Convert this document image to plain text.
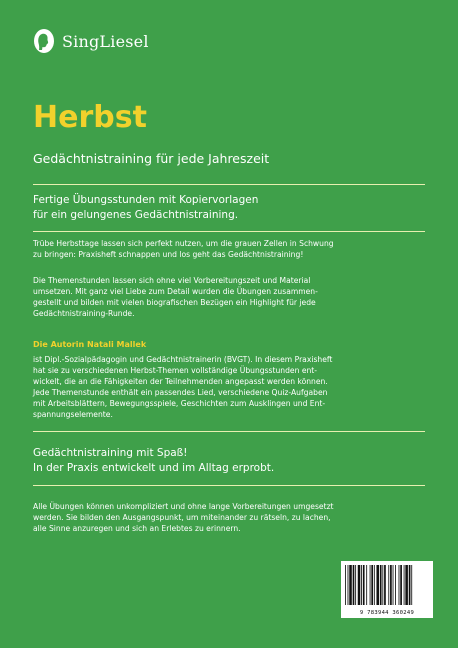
SingLiesel
Herbst
Gedächtnistraining für jede Jahreszeit
Fertige Übungsstunden mit Kopiervorlagen
für ein gelungenes Gedächtnistraining.
Trübe Herbsttage lassen sich perfekt nutzen, um die grauen Zellen in Schwung
zu bringen: Praxisheft schnappen und los geht das Gedächtnistraining!
Die Themenstunden lassen sich ohne viel Vorbereitungszeit und Material
umsetzen. Mit ganz viel Liebe zum Detail wurden die Übungen zusammen-
gestellt und bilden mit vielen biografischen Bezügen ein Highlight für jede
Gedächtnistraining-Runde.
Die Autorin Natali Mallek
ist Dipl.-Sozialpädagogin und Gedächtnistrainerin (BVGT). In diesem Praxisheft
hat sie zu verschiedenen Herbst-Themen vollständige Übungsstunden ent-
wickelt, die an die Fähigkeiten der Teilnehmenden angepasst werden können.
Jede Themenstunde enthält ein passendes Lied, verschiedene Quiz-Aufgaben
mit Arbeitsblättern, Bewegungsspiele, Geschichten zum Ausklingen und Ent-
spannungselemente.
Gedächtnistraining mit Spaß!
In der Praxis entwickelt und im Alltag erprobt.
Alle Übungen können unkompliziert und ohne lange Vorbereitungen umgesetzt
werden. Sie bilden den Ausgangspunkt, um miteinander zu rätseln, zu lachen,
alle Sinne anzuregen und sich an Erlebtes zu erinnern.
9 783944 360249
